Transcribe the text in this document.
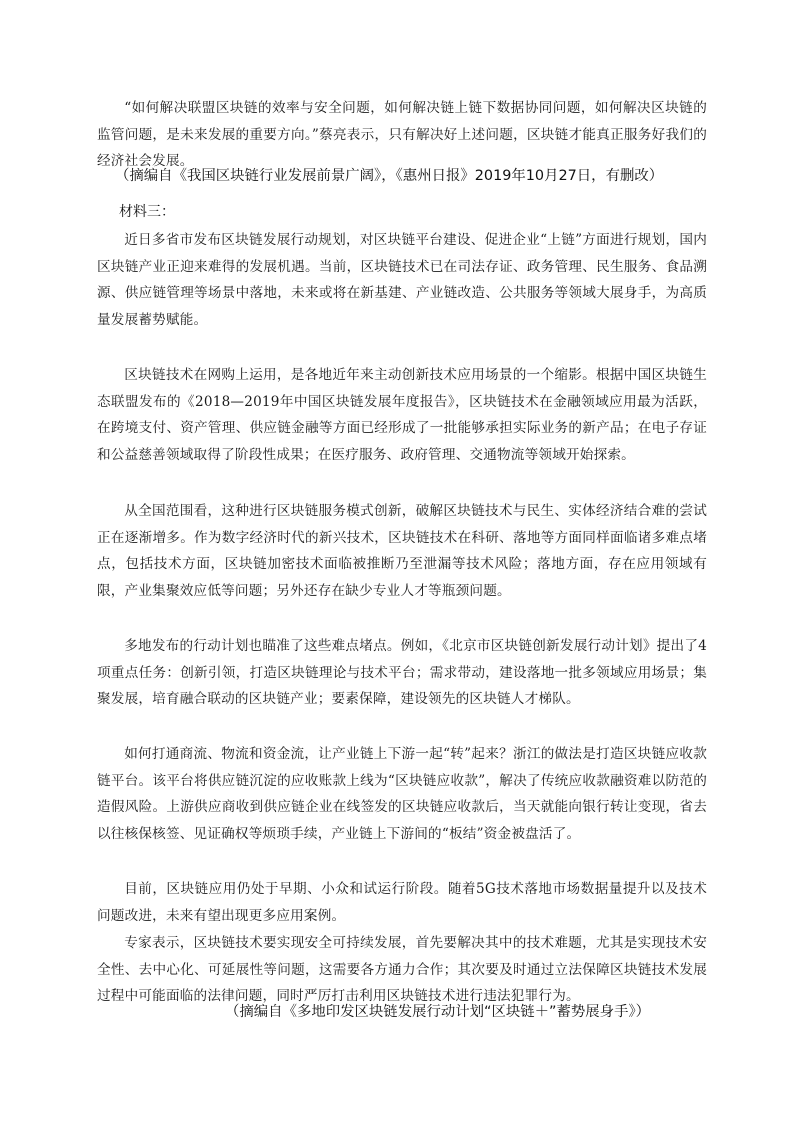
“如何解决联盟区块链的效率与安全问题，如何解决链上链下数据协同问题，如何解决区块链的监管问题，是未来发展的重要方向。”蔡亮表示，只有解决好上述问题，区块链才能真正服务好我们的经济社会发展。

（摘编自《我国区块链行业发展前景广阔》，《惠州日报》2019年10月27日，有删改）
材料三：

近日多省市发布区块链发展行动规划，对区块链平台建设、促进企业“上链”方面进行规划，国内区块链产业正迎来难得的发展机遇。当前，区块链技术已在司法存证、政务管理、民生服务、食品溯源、供应链管理等场景中落地，未来或将在新基建、产业链改造、公共服务等领域大展身手，为高质量发展蓄势赋能。

区块链技术在网购上运用，是各地近年来主动创新技术应用场景的一个缩影。根据中国区块链生态联盟发布的《2018—2019年中国区块链发展年度报告》，区块链技术在金融领域应用最为活跃，在跨境支付、资产管理、供应链金融等方面已经形成了一批能够承担实际业务的新产品；在电子存证和公益慈善领域取得了阶段性成果；在医疗服务、政府管理、交通物流等领域开始探索。

从全国范围看，这种进行区块链服务模式创新，破解区块链技术与民生、实体经济结合难的尝试正在逐渐增多。作为数字经济时代的新兴技术，区块链技术在科研、落地等方面同样面临诸多难点堵点，包括技术方面，区块链加密技术面临被推断乃至泄漏等技术风险；落地方面，存在应用领域有限，产业集聚效应低等问题；另外还存在缺少专业人才等瓶颈问题。

多地发布的行动计划也瞄准了这些难点堵点。例如，《北京市区块链创新发展行动计划》提出了4项重点任务：创新引领，打造区块链理论与技术平台；需求带动，建设落地一批多领域应用场景；集聚发展，培育融合联动的区块链产业；要素保障，建设领先的区块链人才梯队。

如何打通商流、物流和资金流，让产业链上下游一起“转”起来？浙江的做法是打造区块链应收款链平台。该平台将供应链沉淀的应收账款上线为“区块链应收款”，解决了传统应收款融资难以防范的造假风险。上游供应商收到供应链企业在线签发的区块链应收款后，当天就能向银行转让变现，省去以往核保核签、见证确权等烦琐手续，产业链上下游间的“板结”资金被盘活了。

目前，区块链应用仍处于早期、小众和试运行阶段。随着5G技术落地市场数据量提升以及技术问题改进，未来有望出现更多应用案例。

专家表示，区块链技术要实现安全可持续发展，首先要解决其中的技术难题，尤其是实现技术安全性、去中心化、可延展性等问题，这需要各方通力合作；其次要及时通过立法保障区块链技术发展过程中可能面临的法律问题，同时严厉打击利用区块链技术进行违法犯罪行为。

（摘编自《多地印发区块链发展行动计划“区块链＋”蓄势展身手》）
